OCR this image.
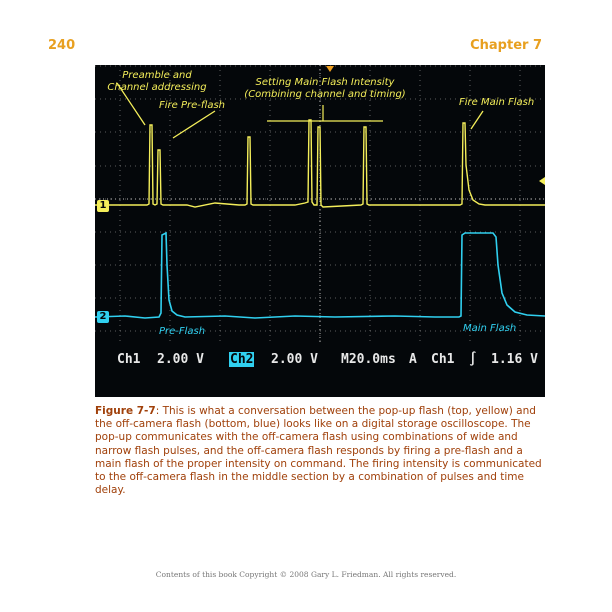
240	Chapter 7
Preamble and Channel addressing
Fire Pre-flash
Setting Main Flash Intensity
(Combining channel and timing)
Fire Main Flash
Pre-Flash	Main Flash
1
2
Ch1 2.00 V Ch2 2.00 V M20.0ms A Ch1 ∫ 1.16 V
Figure 7-7: This is what a conversation between the pop-up flash (top, yellow) and the off-camera flash (bottom, blue) looks like on a digital storage oscilloscope. The pop-up communicates with the off-camera flash using combinations of wide and narrow flash pulses, and the off-camera flash responds by firing a pre-flash and a main flash of the proper intensity on command. The firing intensity is communicated to the off-camera flash in the middle section by a combination of pulses and time delay.
Contents of this book Copyright © 2008 Gary L. Friedman. All rights reserved.
